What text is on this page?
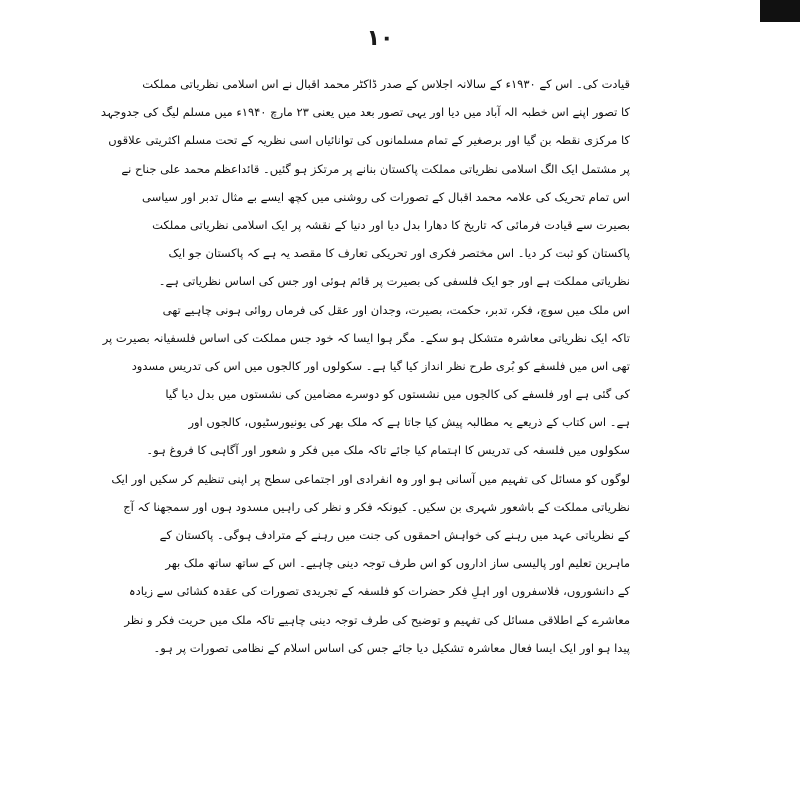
۱۰
قیادت کی۔ اس کے ۱۹۳۰ء کے سالانہ اجلاس کے صدر ڈاکٹر محمد اقبال نے اس اسلامی نظریاتی مملکت
کا تصور اپنے اس خطبہ الہ آباد میں دیا اور یہی تصور بعد میں یعنی ۲۳ مارچ ۱۹۴۰ء میں مسلم لیگ کی جدوجہد
کا مرکزی نقطہ بن گیا اور برصغیر کے تمام مسلمانوں کی توانائیاں اسی نظریہ کے تحت مسلم اکثریتی علاقوں
پر مشتمل ایک الگ اسلامی نظریاتی مملکت پاکستان بنانے پر مرتکز ہو گئیں۔ قائداعظم محمد علی جناح نے
اس تمام تحریک کی علامہ محمد اقبال کے تصورات کی روشنی میں کچھ ایسے بے مثال تدبر اور سیاسی
بصیرت سے قیادت فرمائی کہ تاریخ کا دھارا بدل دیا اور دنیا کے نقشہ پر ایک اسلامی نظریاتی مملکت
پاکستان کو ثبت کر دیا۔ اس مختصر فکری اور تحریکی تعارف کا مقصد یہ ہے کہ پاکستان جو ایک
نظریاتی مملکت ہے اور جو ایک فلسفی کی بصیرت پر قائم ہوئی اور جس کی اساس نظریاتی ہے۔
اس ملک میں سوچ، فکر، تدبر، حکمت، بصیرت، وجدان اور عقل کی فرماں روائی ہونی چاہیے تھی
تاکہ ایک نظریاتی معاشرہ متشکل ہو سکے۔ مگر ہوا ایسا کہ خود جس مملکت کی اساس فلسفیانہ بصیرت پر
تھی اس میں فلسفے کو بُری طرح نظر انداز کیا گیا ہے۔ سکولوں اور کالجوں میں اس کی تدریس مسدود
کی گئی ہے اور فلسفے کی کالجوں میں نشستوں کو دوسرے مضامین کی نشستوں میں بدل دیا گیا
ہے۔ اس کتاب کے ذریعے یہ مطالبہ پیش کیا جاتا ہے کہ ملک بھر کی یونیورسٹیوں، کالجوں اور
سکولوں میں فلسفہ کی تدریس کا اہتمام کیا جائے تاکہ ملک میں فکر و شعور اور آگاہی کا فروغ ہو۔
لوگوں کو مسائل کی تفہیم میں آسانی ہو اور وہ انفرادی اور اجتماعی سطح پر اپنی تنظیم کر سکیں اور ایک
نظریاتی مملکت کے باشعور شہری بن سکیں۔ کیونکہ فکر و نظر کی راہیں مسدود ہوں اور سمجھنا کہ آج
کے نظریاتی عہد میں رہنے کی خواہش احمقوں کی جنت میں رہنے کے مترادف ہوگی۔ پاکستان کے
ماہرین تعلیم اور پالیسی ساز اداروں کو اس طرف توجہ دینی چاہیے۔ اس کے ساتھ ساتھ ملک بھر
کے دانشوروں، فلاسفروں اور اہلِ فکر حضرات کو فلسفہ کے تجریدی تصورات کی عقدہ کشائی سے زیادہ
معاشرے کے اطلاقی مسائل کی تفہیم و توضیح کی طرف توجہ دینی چاہیے تاکہ ملک میں حریت فکر و نظر
پیدا ہو اور ایک ایسا فعال معاشرہ تشکیل دیا جائے جس کی اساس اسلام کے نظامی تصورات پر ہو۔
